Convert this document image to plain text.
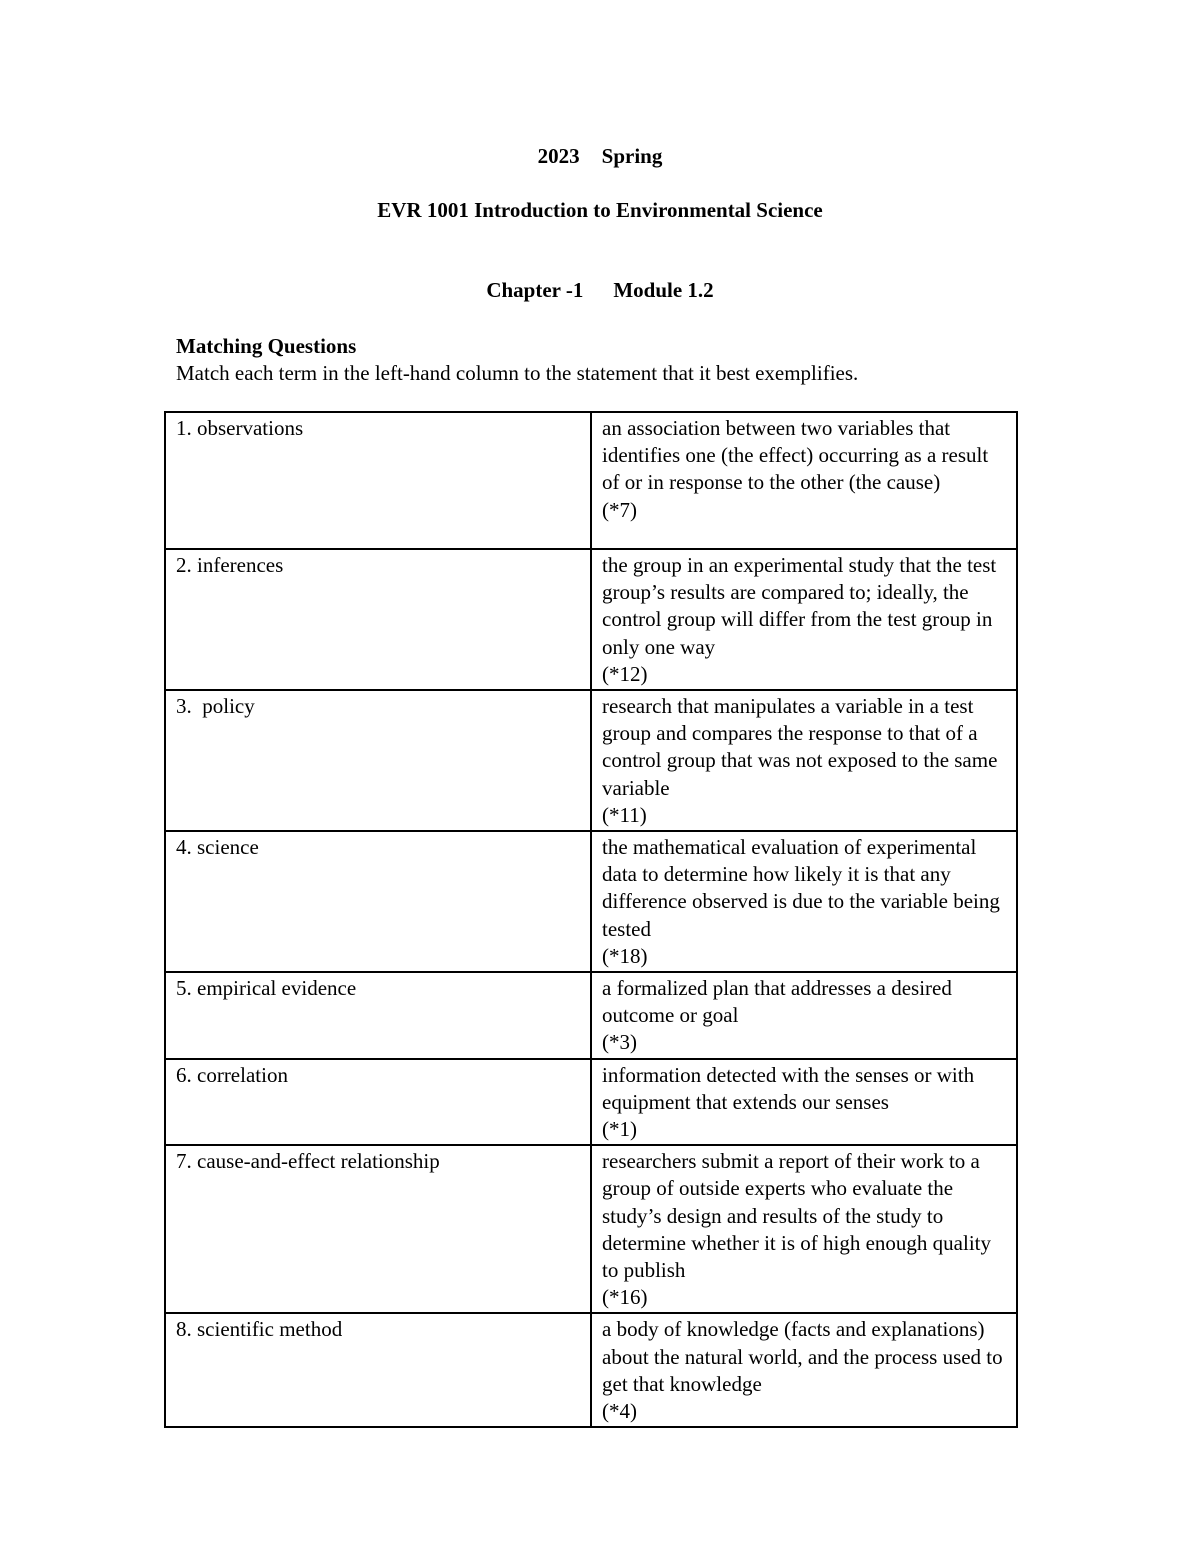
2023 Spring
EVR 1001 Introduction to Environmental Science
Chapter -1 Module 1.2
Matching Questions
Match each term in the left-hand column to the statement that it best exemplifies.
1. observations	an association between two variables that identifies one (the effect) occurring as a result of or in response to the other (the cause)
(*7)

2. inferences	the group in an experimental study that the test group’s results are compared to; ideally, the control group will differ from the test group in only one way
(*12)

3.  policy	research that manipulates a variable in a test group and compares the response to that of a control group that was not exposed to the same variable
(*11)

4. science	the mathematical evaluation of experimental data to determine how likely it is that any difference observed is due to the variable being tested
(*18)

5. empirical evidence	a formalized plan that addresses a desired outcome or goal
(*3)

6. correlation	information detected with the senses or with equipment that extends our senses
(*1)

7. cause-and-effect relationship	researchers submit a report of their work to a group of outside experts who evaluate the study’s design and results of the study to determine whether it is of high enough quality to publish
(*16)

8. scientific method	a body of knowledge (facts and explanations) about the natural world, and the process used to get that knowledge
(*4)
